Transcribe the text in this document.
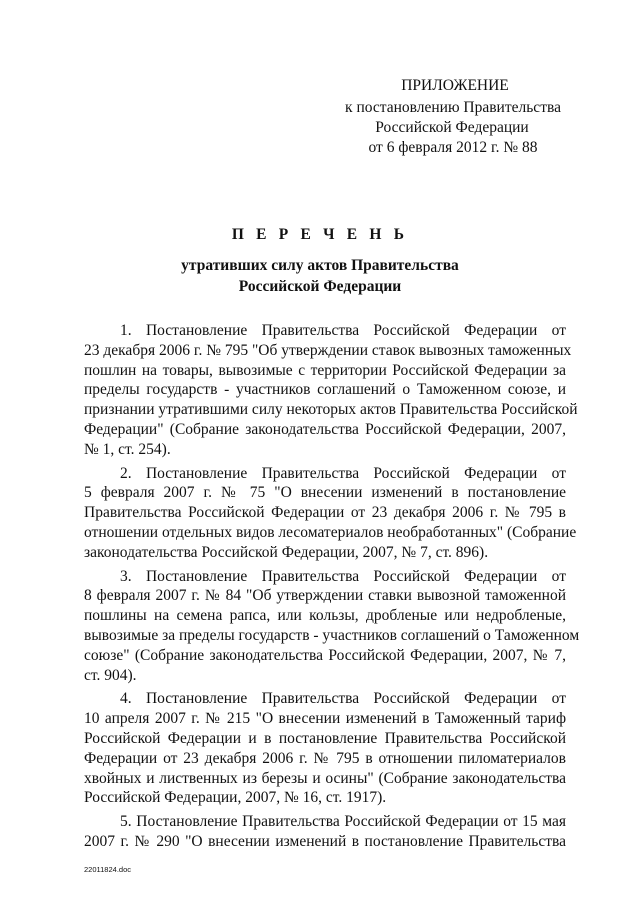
ПРИЛОЖЕНИЕ
к постановлению Правительства
Российской Федерации
от 6 февраля 2012 г. № 88
П Е Р Е Ч Е Н Ь
утративших силу актов Правительства
Российской Федерации
1. Постановление Правительства Российской Федерации от
23 декабря 2006 г. № 795 "Об утверждении ставок вывозных таможенных
пошлин на товары, вывозимые с территории Российской Федерации за
пределы государств - участников соглашений о Таможенном союзе, и
признании утратившими силу некоторых актов Правительства Российской
Федерации" (Собрание законодательства Российской Федерации, 2007,
№ 1, ст. 254).
2. Постановление Правительства Российской Федерации от
5 февраля 2007 г. № 75 "О внесении изменений в постановление
Правительства Российской Федерации от 23 декабря 2006 г. № 795 в
отношении отдельных видов лесоматериалов необработанных" (Собрание
законодательства Российской Федерации, 2007, № 7, ст. 896).
3. Постановление Правительства Российской Федерации от
8 февраля 2007 г. № 84 "Об утверждении ставки вывозной таможенной
пошлины на семена рапса, или кользы, дробленые или недробленые,
вывозимые за пределы государств - участников соглашений о Таможенном
союзе" (Собрание законодательства Российской Федерации, 2007, № 7,
ст. 904).
4. Постановление Правительства Российской Федерации от
10 апреля 2007 г. № 215 "О внесении изменений в Таможенный тариф
Российской Федерации и в постановление Правительства Российской
Федерации от 23 декабря 2006 г. № 795 в отношении пиломатериалов
хвойных и лиственных из березы и осины" (Собрание законодательства
Российской Федерации, 2007, № 16, ст. 1917).
5. Постановление Правительства Российской Федерации от 15 мая
2007 г. № 290 "О внесении изменений в постановление Правительства
22011824.doc
